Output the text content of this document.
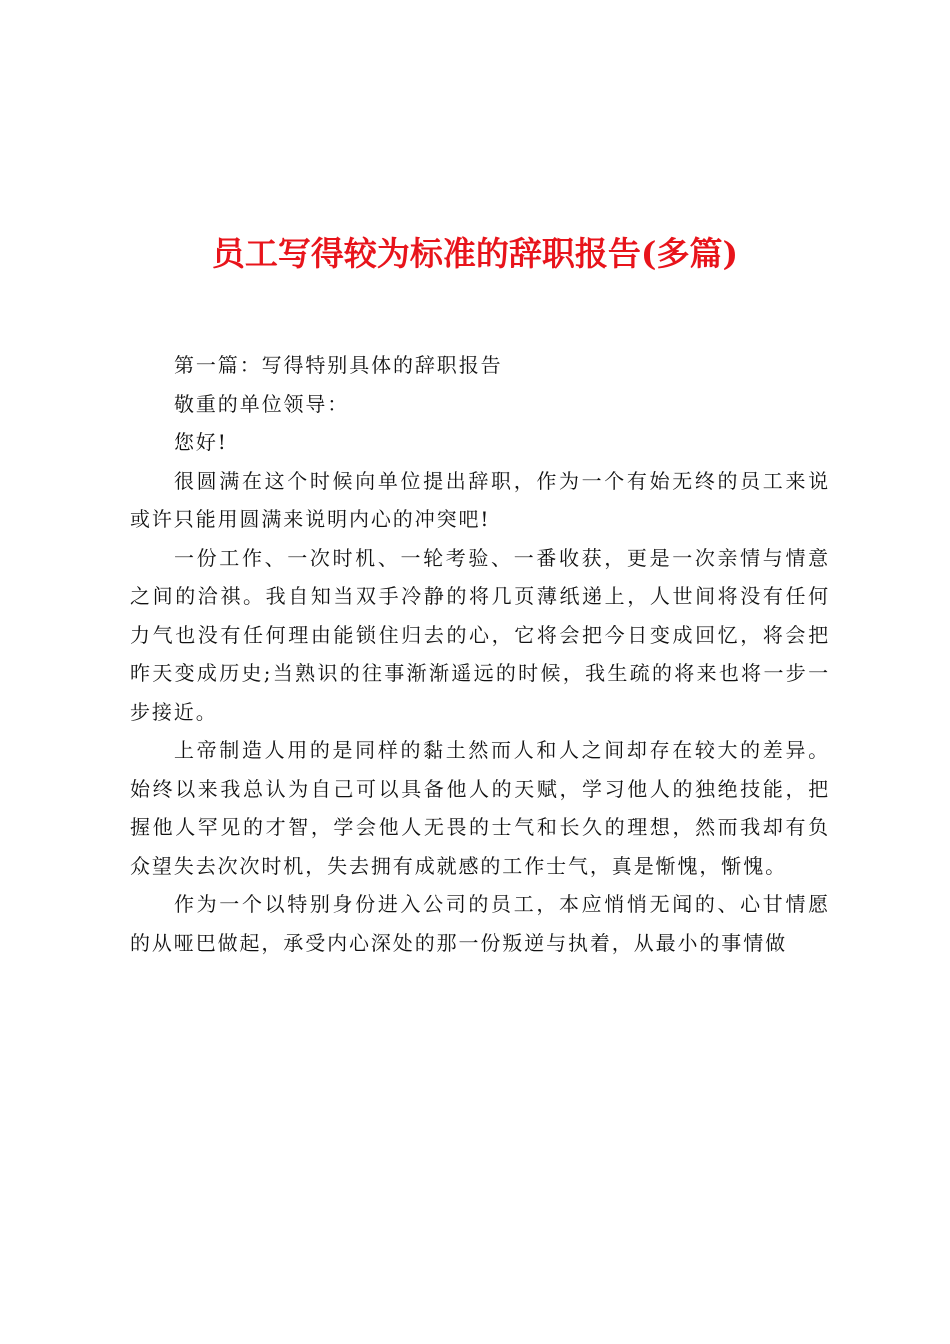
员工写得较为标准的辞职报告(多篇)

第一篇：写得特别具体的辞职报告

敬重的单位领导：

您好!

很圆满在这个时候向单位提出辞职，作为一个有始无终的员工来说或许只能用圆满来说明内心的冲突吧!

一份工作、一次时机、一轮考验、一番收获，更是一次亲情与情意之间的洽祺。我自知当双手冷静的将几页薄纸递上，人世间将没有任何力气也没有任何理由能锁住归去的心，它将会把今日变成回忆，将会把昨天变成历史;当熟识的往事渐渐遥远的时候，我生疏的将来也将一步一步接近。

上帝制造人用的是同样的黏土然而人和人之间却存在较大的差异。始终以来我总认为自己可以具备他人的天赋，学习他人的独绝技能，把握他人罕见的才智，学会他人无畏的士气和长久的理想，然而我却有负众望失去次次时机，失去拥有成就感的工作士气，真是惭愧，惭愧。

作为一个以特别身份进入公司的员工，本应悄悄无闻的、心甘情愿的从哑巴做起，承受内心深处的那一份叛逆与执着，从最小的事情做
